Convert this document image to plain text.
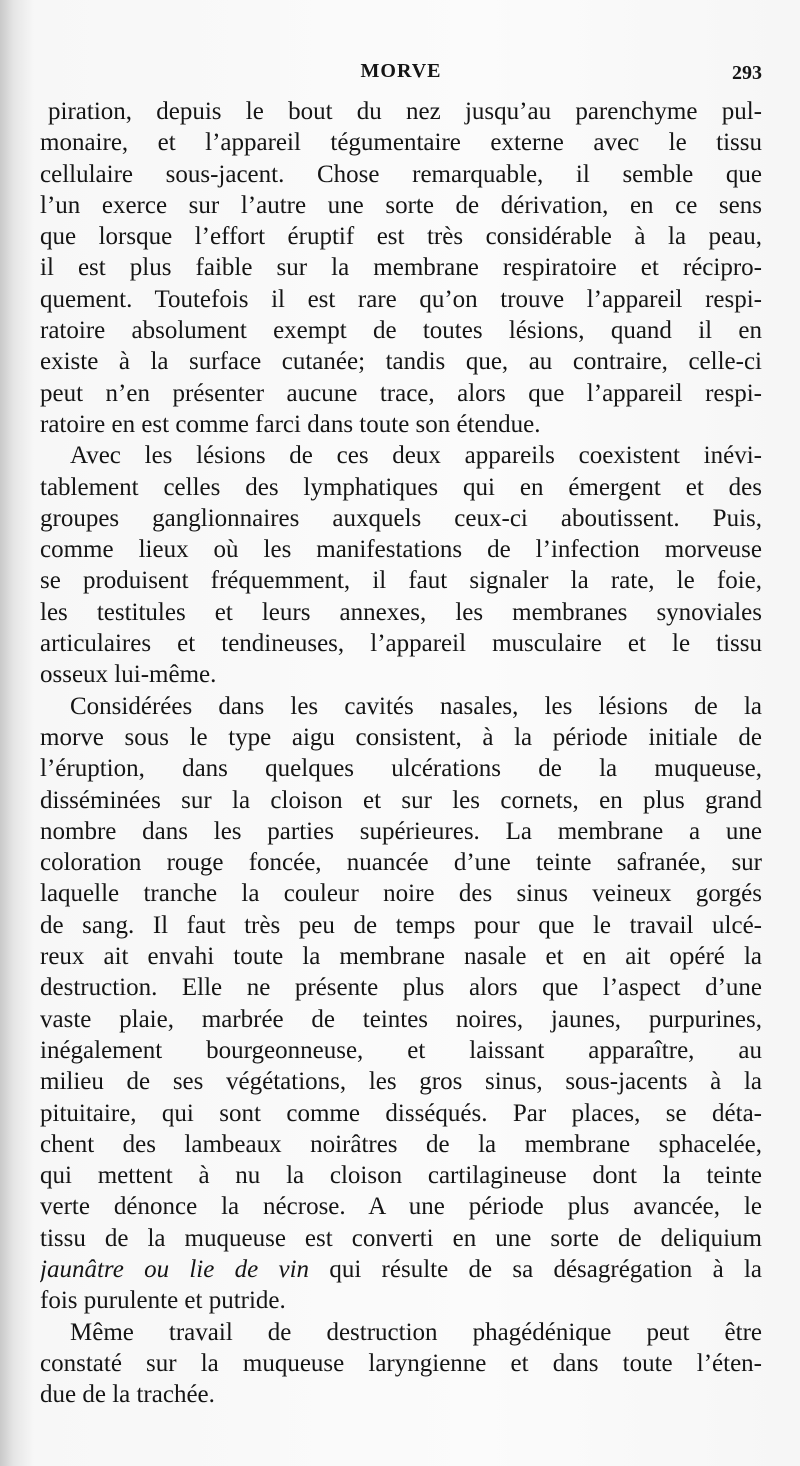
MORVE	293
piration, depuis le bout du nez jusqu’au parenchyme pul-
monaire, et l’appareil tégumentaire externe avec le tissu
cellulaire sous-jacent. Chose remarquable, il semble que
l’un exerce sur l’autre une sorte de dérivation, en ce sens
que lorsque l’effort éruptif est très considérable à la peau,
il est plus faible sur la membrane respiratoire et récipro-
quement. Toutefois il est rare qu’on trouve l’appareil respi-
ratoire absolument exempt de toutes lésions, quand il en
existe à la surface cutanée; tandis que, au contraire, celle-ci
peut n’en présenter aucune trace, alors que l’appareil respi-
ratoire en est comme farci dans toute son étendue.
Avec les lésions de ces deux appareils coexistent inévi-
tablement celles des lymphatiques qui en émergent et des
groupes ganglionnaires auxquels ceux-ci aboutissent. Puis,
comme lieux où les manifestations de l’infection morveuse
se produisent fréquemment, il faut signaler la rate, le foie,
les testitules et leurs annexes, les membranes synoviales
articulaires et tendineuses, l’appareil musculaire et le tissu
osseux lui-même.
Considérées dans les cavités nasales, les lésions de la
morve sous le type aigu consistent, à la période initiale de
l’éruption, dans quelques ulcérations de la muqueuse,
disséminées sur la cloison et sur les cornets, en plus grand
nombre dans les parties supérieures. La membrane a une
coloration rouge foncée, nuancée d’une teinte safranée, sur
laquelle tranche la couleur noire des sinus veineux gorgés
de sang. Il faut très peu de temps pour que le travail ulcé-
reux ait envahi toute la membrane nasale et en ait opéré la
destruction. Elle ne présente plus alors que l’aspect d’une
vaste plaie, marbrée de teintes noires, jaunes, purpurines,
inégalement bourgeonneuse, et laissant apparaître, au
milieu de ses végétations, les gros sinus, sous-jacents à la
pituitaire, qui sont comme disséqués. Par places, se déta-
chent des lambeaux noirâtres de la membrane sphacelée,
qui mettent à nu la cloison cartilagineuse dont la teinte
verte dénonce la nécrose. A une période plus avancée, le
tissu de la muqueuse est converti en une sorte de deliquium
jaunâtre ou lie de vin qui résulte de sa désagrégation à la
fois purulente et putride.
Même travail de destruction phagédénique peut être
constaté sur la muqueuse laryngienne et dans toute l’éten-
due de la trachée.
